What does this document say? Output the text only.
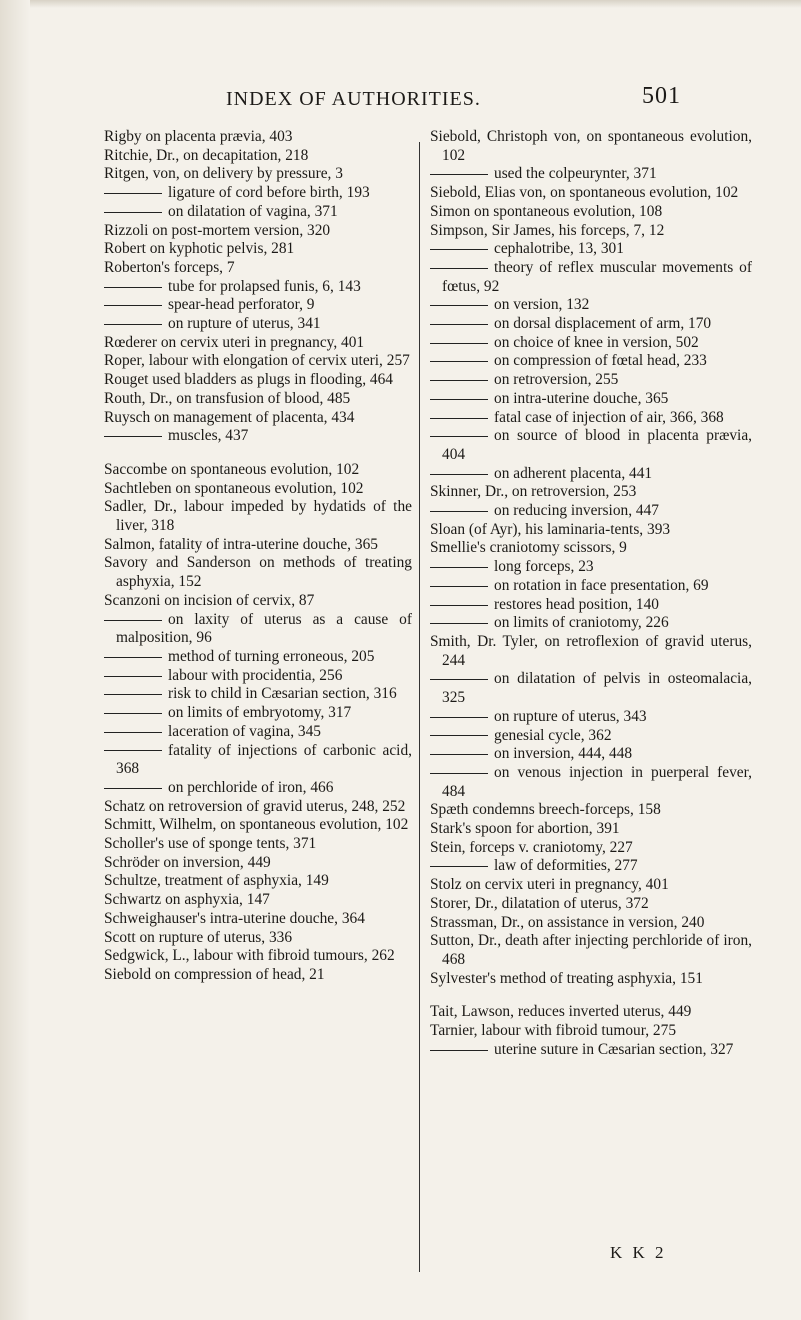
INDEX OF AUTHORITIES.	501

Rigby on placenta prævia, 403

Ritchie, Dr., on decapitation, 218

Ritgen, von, on delivery by pressure, 3

ligature of cord before birth, 193

on dilatation of vagina, 371

Rizzoli on post-mortem version, 320

Robert on kyphotic pelvis, 281

Roberton's forceps, 7

tube for prolapsed funis, 6, 143

spear-head perforator, 9

on rupture of uterus, 341

Rœderer on cervix uteri in pregnancy, 401

Roper, labour with elongation of cervix uteri, 257

Rouget used bladders as plugs in flooding, 464

Routh, Dr., on transfusion of blood, 485

Ruysch on management of placenta, 434

muscles, 437

Saccombe on spontaneous evolution, 102

Sachtleben on spontaneous evolution, 102

Sadler, Dr., labour impeded by hydatids of the liver, 318

Salmon, fatality of intra-uterine douche, 365

Savory and Sanderson on methods of treating asphyxia, 152

Scanzoni on incision of cervix, 87

on laxity of uterus as a cause of malposition, 96

method of turning erroneous, 205

labour with procidentia, 256

risk to child in Cæsarian section, 316

on limits of embryotomy, 317

laceration of vagina, 345

fatality of injections of carbonic acid, 368

on perchloride of iron, 466

Schatz on retroversion of gravid uterus, 248, 252

Schmitt, Wilhelm, on spontaneous evolution, 102

Scholler's use of sponge tents, 371

Schröder on inversion, 449

Schultze, treatment of asphyxia, 149

Schwartz on asphyxia, 147

Schweighauser's intra-uterine douche, 364

Scott on rupture of uterus, 336

Sedgwick, L., labour with fibroid tumours, 262

Siebold on compression of head, 21

Siebold, Christoph von, on spontaneous evolution, 102

used the colpeurynter, 371

Siebold, Elias von, on spontaneous evolution, 102

Simon on spontaneous evolution, 108

Simpson, Sir James, his forceps, 7, 12

cephalotribe, 13, 301

theory of reflex muscular movements of fœtus, 92

on version, 132

on dorsal displacement of arm, 170

on choice of knee in version, 502

on compression of fœtal head, 233

on retroversion, 255

on intra-uterine douche, 365

fatal case of injection of air, 366, 368

on source of blood in placenta prævia, 404

on adherent placenta, 441

Skinner, Dr., on retroversion, 253

on reducing inversion, 447

Sloan (of Ayr), his laminaria-tents, 393

Smellie's craniotomy scissors, 9

long forceps, 23

on rotation in face presentation, 69

restores head position, 140

on limits of craniotomy, 226

Smith, Dr. Tyler, on retroflexion of gravid uterus, 244

on dilatation of pelvis in osteomalacia, 325

on rupture of uterus, 343

genesial cycle, 362

on inversion, 444, 448

on venous injection in puerperal fever, 484

Spæth condemns breech-forceps, 158

Stark's spoon for abortion, 391

Stein, forceps v. craniotomy, 227

law of deformities, 277

Stolz on cervix uteri in pregnancy, 401

Storer, Dr., dilatation of uterus, 372

Strassman, Dr., on assistance in version, 240

Sutton, Dr., death after injecting perchloride of iron, 468

Sylvester's method of treating asphyxia, 151

Tait, Lawson, reduces inverted uterus, 449

Tarnier, labour with fibroid tumour, 275

uterine suture in Cæsarian section, 327

K K 2
